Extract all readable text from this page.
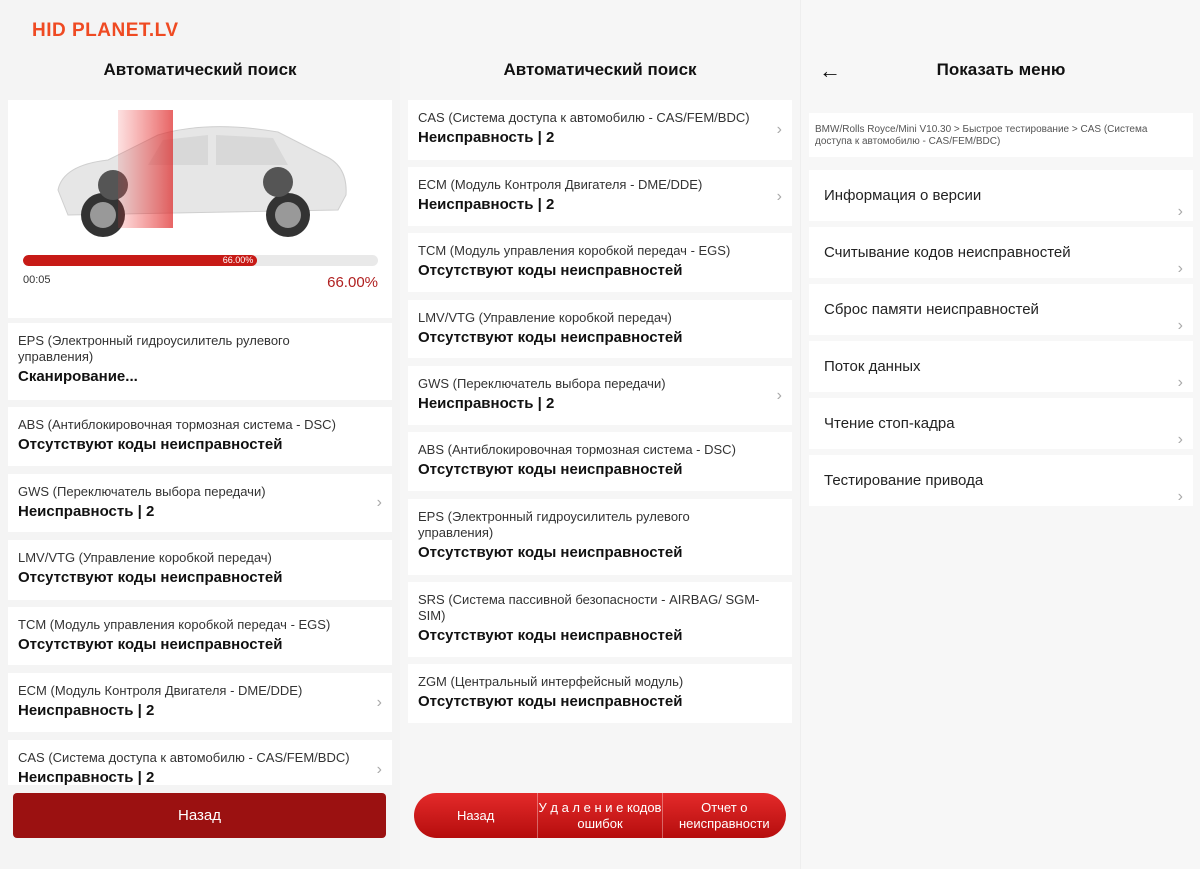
HID PLANET.LV
Автоматический поиск
66.00%
00:05	66.00%
EPS (Электронный гидроусилитель рулевого управления)
Сканирование...
ABS (Антиблокировочная тормозная система - DSC)
Отсутствуют коды неисправностей
GWS (Переключатель выбора передачи)
Неисправность | 2
›
LMV/VTG (Управление коробкой передач)
Отсутствуют коды неисправностей
TCM (Модуль управления коробкой передач - EGS)
Отсутствуют коды неисправностей
ECM (Модуль Контроля Двигателя - DME/DDE)
Неисправность | 2	›
CAS (Система доступа к автомобилю - CAS/FEM/BDC)
Неисправность | 2	›
Назад
Автоматический поиск
CAS (Система доступа к автомобилю - CAS/FEM/BDC)
Неисправность | 2	›
ECM (Модуль Контроля Двигателя - DME/DDE)
Неисправность | 2	›
TCM (Модуль управления коробкой передач - EGS)
Отсутствуют коды неисправностей
LMV/VTG (Управление коробкой передач)
Отсутствуют коды неисправностей
GWS (Переключатель выбора передачи)
Неисправность | 2	›
ABS (Антиблокировочная тормозная система - DSC)
Отсутствуют коды неисправностей
EPS (Электронный гидроусилитель рулевого управления)
Отсутствуют коды неисправностей
SRS (Система пассивной безопасности - AIRBAG/ SGM-SIM)
Отсутствуют коды неисправностей
ZGM (Центральный интерфейсный модуль)
Отсутствуют коды неисправностей
Назад
У д а л е н и е кодов ошибок
Отчет о неисправности
←	Показать меню
BMW/Rolls Royce/Mini V10.30 > Быстрое тестирование > CAS (Система доступа к автомобилю - CAS/FEM/BDC)
Информация о версии
›
Считывание кодов неисправностей
›
Сброс памяти неисправностей
›
Поток данных
›
Чтение стоп-кадра
›
Тестирование привода
›
